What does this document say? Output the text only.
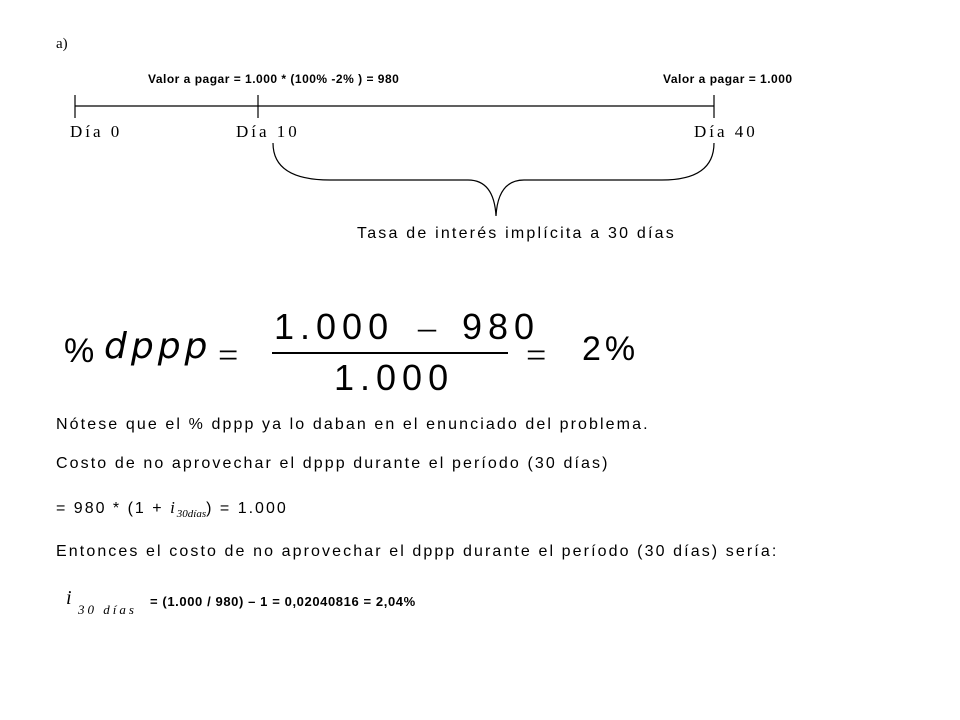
a)
Valor a pagar = 1.000 * (100% -2% ) = 980	Valor a pagar = 1.000
Día 0	Día 10	Día 40
Tasa de interés implícita a 30 días
% dppp =
1.000 – 980
1.000
= 2%
Nótese que el % dppp ya lo daban en el enunciado del problema.
Costo de no aprovechar el dppp durante el período (30 días)
= $980 * (1 + i_{30días}) = 1.000$
Entonces el costo de no aprovechar el dppp durante el período (30 días) sería:
i
30 días
= (1.000 / 980) – 1 = 0,02040816 = 2,04%
